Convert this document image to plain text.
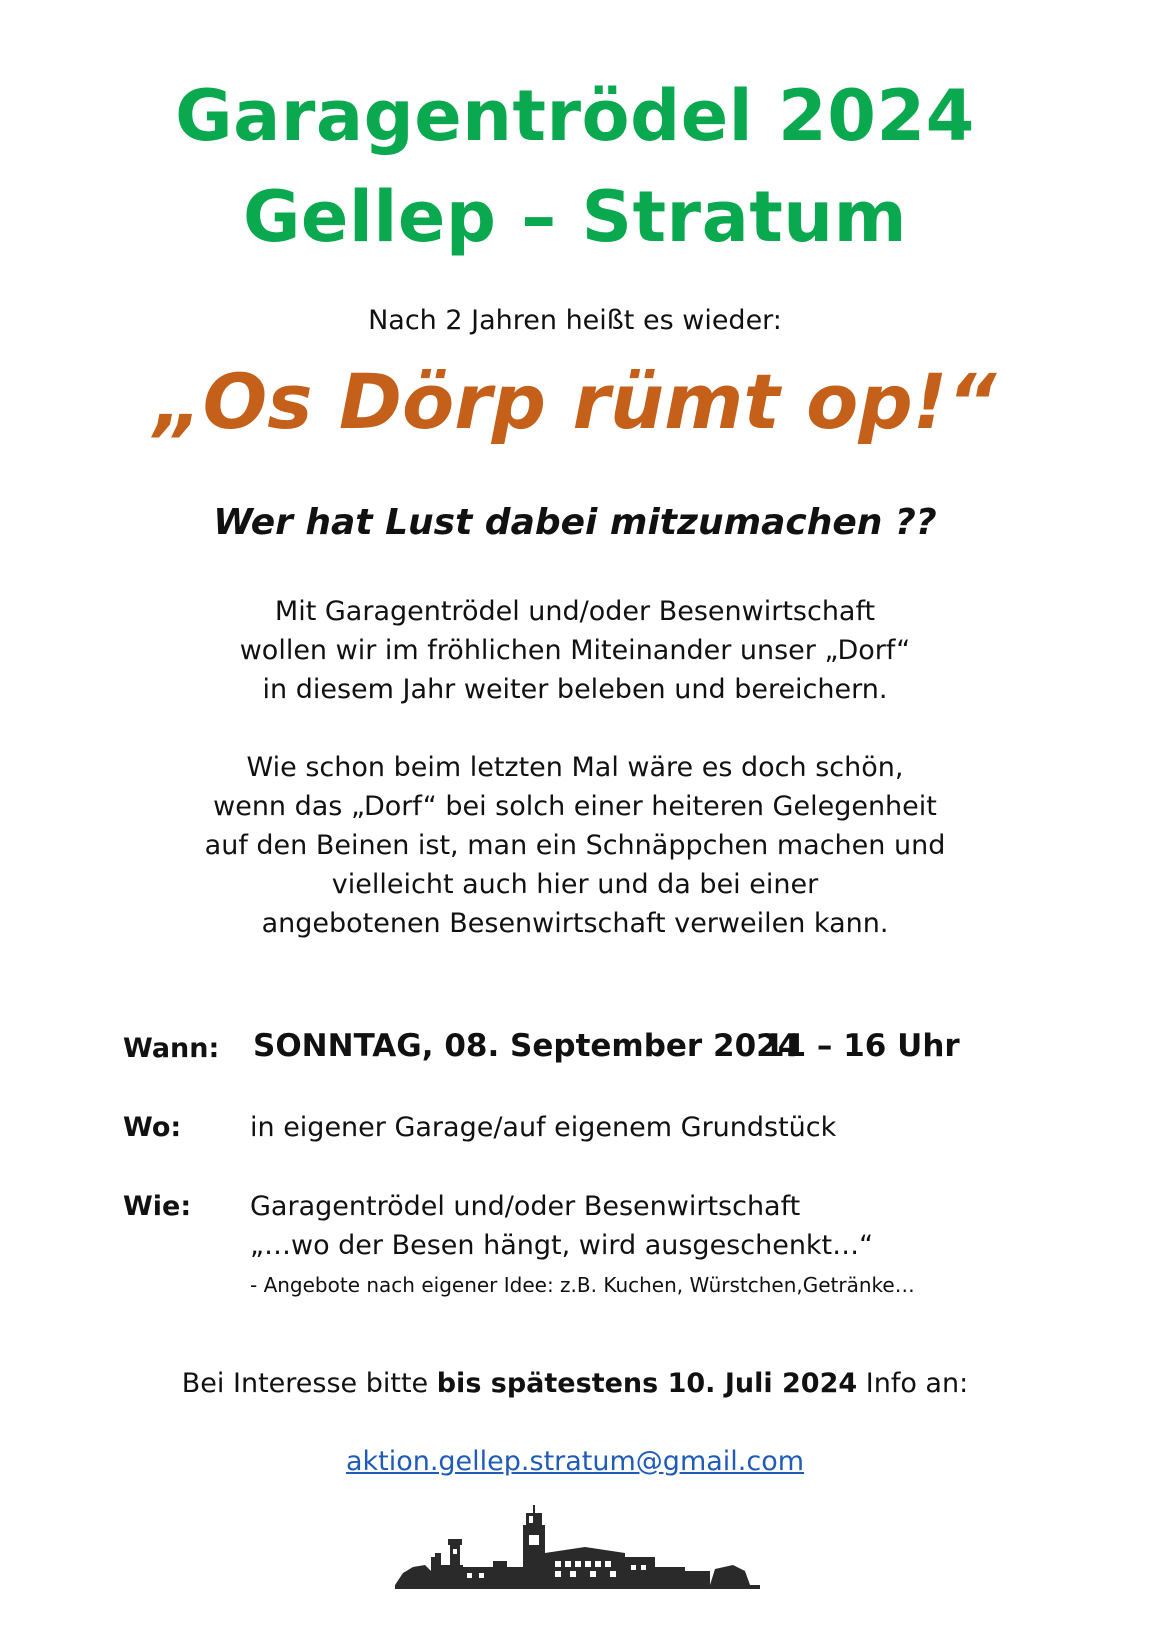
Garagentrödel 2024
Gellep – Stratum
Nach 2 Jahren heißt es wieder:
„Os Dörp rümt op!“
Wer hat Lust dabei mitzumachen ??
Mit Garagentrödel und/oder Besenwirtschaft
wollen wir im fröhlichen Miteinander unser „Dorf“
in diesem Jahr weiter beleben und bereichern.
Wie schon beim letzten Mal wäre es doch schön,
wenn das „Dorf“ bei solch einer heiteren Gelegenheit
auf den Beinen ist, man ein Schnäppchen machen und
vielleicht auch hier und da bei einer
angebotenen Besenwirtschaft verweilen kann.
Wann: SONNTAG, 08. September 2024
11 – 16 Uhr
Wo:	in eigener Garage/auf eigenem Grundstück
Wie: Garagentrödel und/oder Besenwirtschaft
„…wo der Besen hängt, wird ausgeschenkt…“
- Angebote nach eigener Idee: z.B. Kuchen, Würstchen,Getränke…
Bei Interesse bitte bis spätestens 10. Juli 2024 Info an:
aktion.gellep.stratum@gmail.com
